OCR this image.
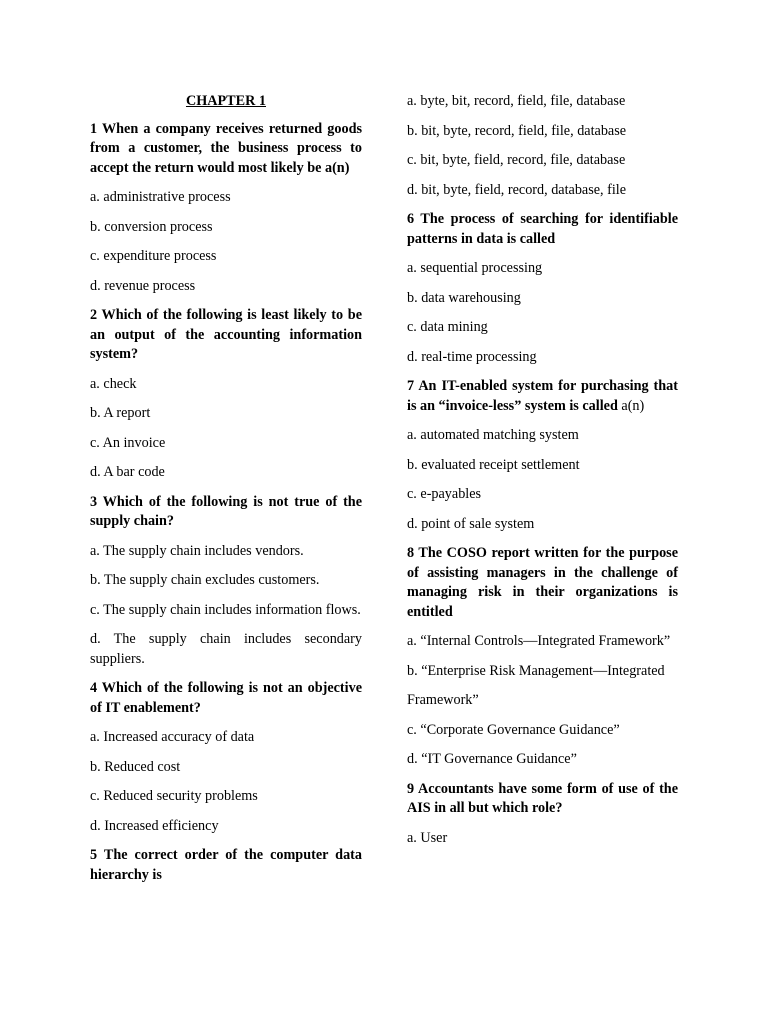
CHAPTER 1
1 When a company receives returned goods from a customer, the business process to accept the return would most likely be a(n)
a. administrative process
b. conversion process
c. expenditure process
d. revenue process
2 Which of the following is least likely to be an output of the accounting information system?
a. check
b. A report
c. An invoice
d. A bar code
3 Which of the following is not true of the supply chain?
a. The supply chain includes vendors.
b. The supply chain excludes customers.
c. The supply chain includes information flows.
d. The supply chain includes secondary suppliers.
4 Which of the following is not an objective of IT enablement?
a. Increased accuracy of data
b. Reduced cost
c. Reduced security problems
d. Increased efficiency
5 The correct order of the computer data hierarchy is
a. byte, bit, record, field, file, database
b. bit, byte, record, field, file, database
c. bit, byte, field, record, file, database
d. bit, byte, field, record, database, file
6 The process of searching for identifiable patterns in data is called
a. sequential processing
b. data warehousing
c. data mining
d. real-time processing
7 An IT-enabled system for purchasing that is an “invoice-less” system is called a(n)
a. automated matching system
b. evaluated receipt settlement
c. e-payables
d. point of sale system
8 The COSO report written for the purpose of assisting managers in the challenge of managing risk in their organizations is entitled
a. “Internal Controls—Integrated Framework”
b. “Enterprise Risk Management—Integrated
Framework”
c. “Corporate Governance Guidance”
d. “IT Governance Guidance”
9 Accountants have some form of use of the AIS in all but which role?
a. User
